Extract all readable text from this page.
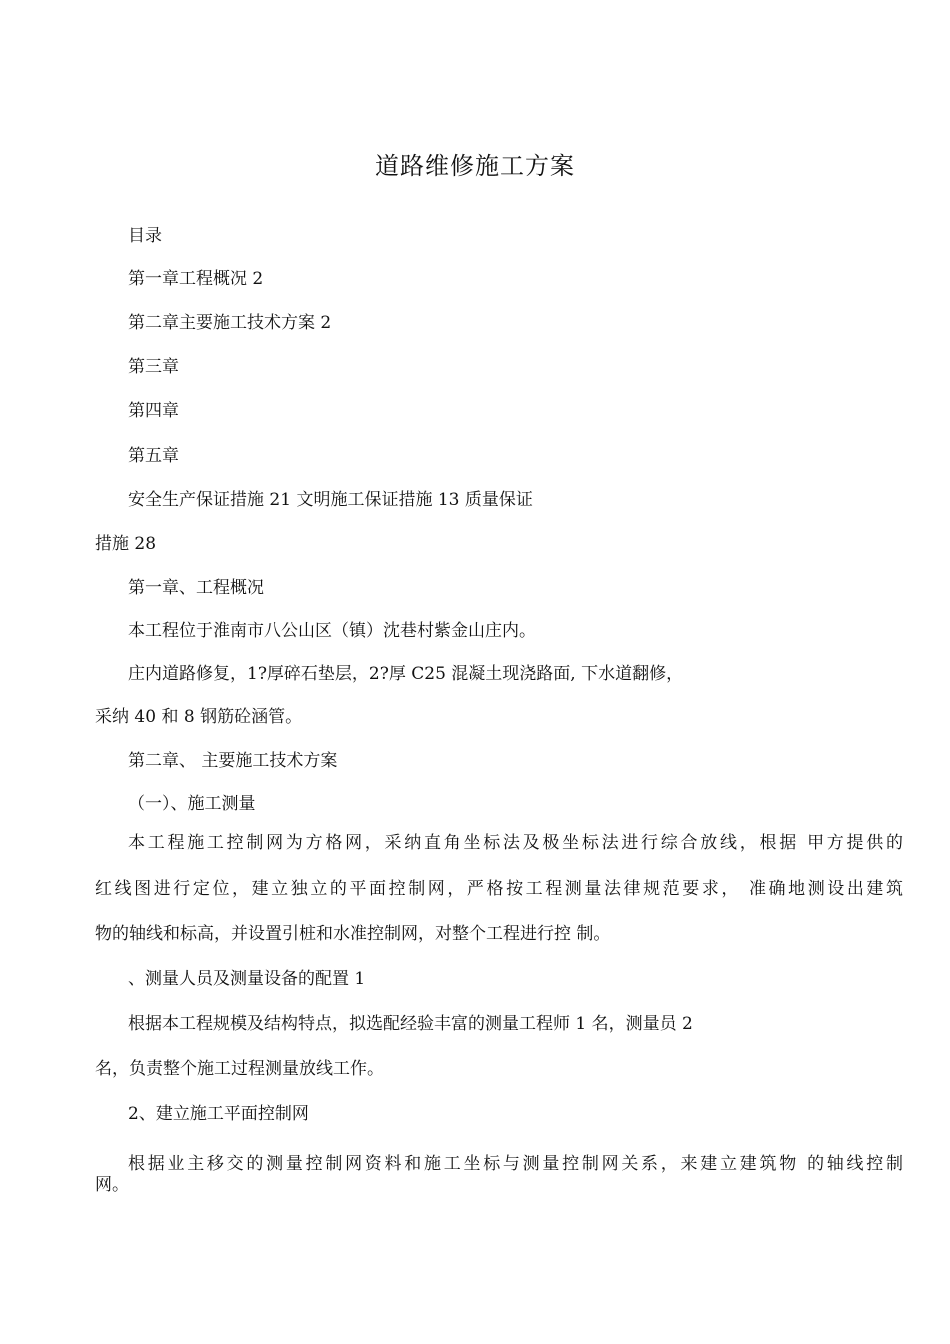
道路维修施工方案
目录
第一章工程概况 2
第二章主要施工技术方案 2
第三章
第四章
第五章
安全生产保证措施 21 文明施工保证措施 13 质量保证
措施 28
第一章、工程概况
本工程位于淮南市八公山区（镇）沈巷村紫金山庄内。
庄内道路修复，1?厚碎石垫层，2?厚 C25 混凝土现浇路面, 下水道翻修，
采纳 40 和 8 钢筋砼涵管。
第二章、 主要施工技术方案
（一）、施工测量
本工程施工控制网为方格网，采纳直角坐标法及极坐标法进行综合放线，根据 甲方提供的
红线图进行定位，建立独立的平面控制网，严格按工程测量法律规范要求， 准确地测设出建筑
物的轴线和标高，并设置引桩和水准控制网，对整个工程进行控 制。
、测量人员及测量设备的配置 1
根据本工程规模及结构特点，拟选配经验丰富的测量工程师 1 名，测量员 2
名，负责整个施工过程测量放线工作。
2、建立施工平面控制网
根据业主移交的测量控制网资料和施工坐标与测量控制网关系，来建立建筑物 的轴线控制
网。
